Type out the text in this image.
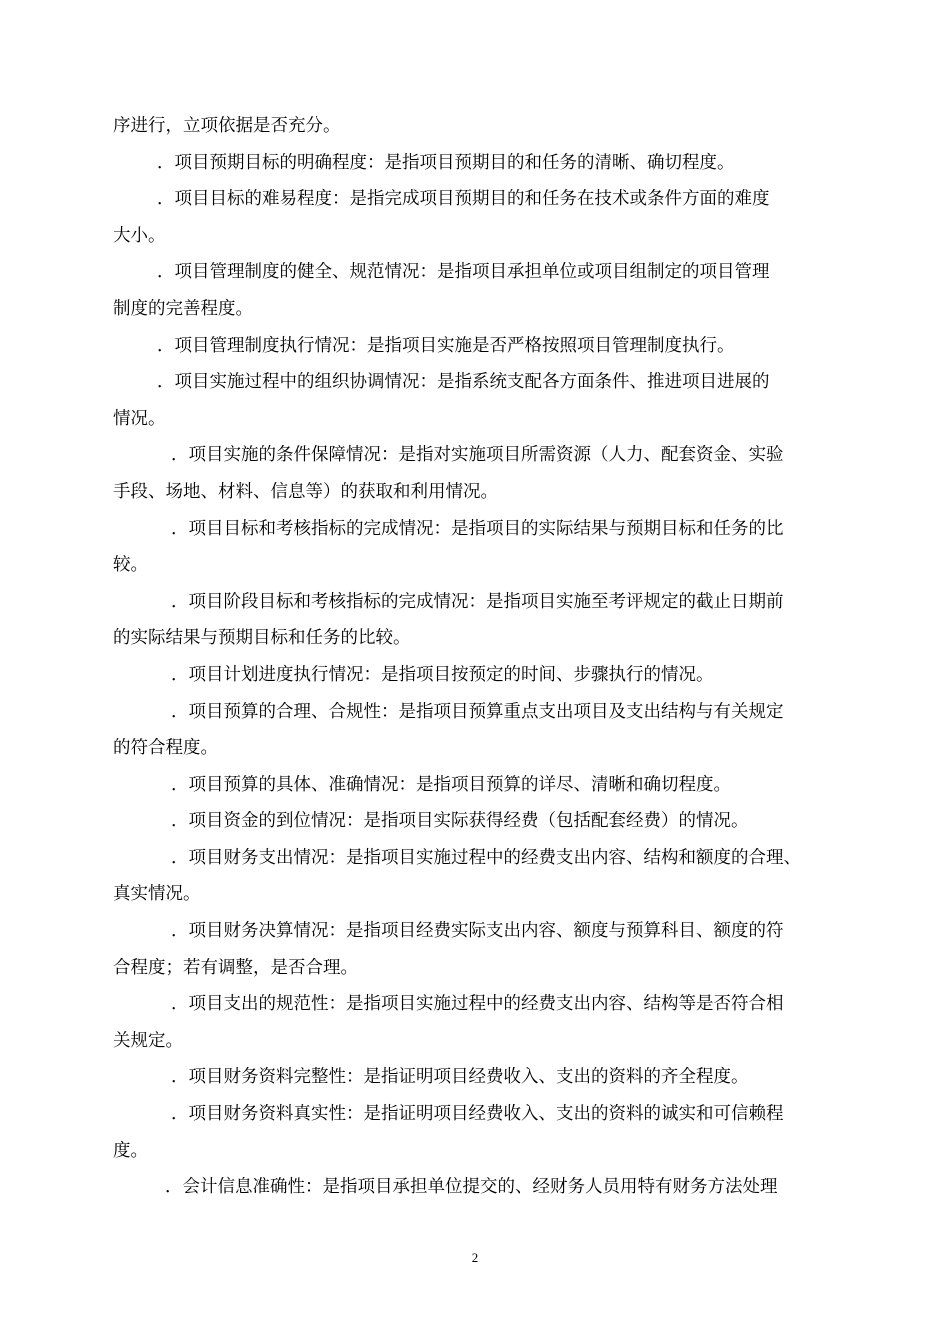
序进行，立项依据是否充分。
．项目预期目标的明确程度：是指项目预期目的和任务的清晰、确切程度。
．项目目标的难易程度：是指完成项目预期目的和任务在技术或条件方面的难度
大小。
．项目管理制度的健全、规范情况：是指项目承担单位或项目组制定的项目管理
制度的完善程度。
．项目管理制度执行情况：是指项目实施是否严格按照项目管理制度执行。
．项目实施过程中的组织协调情况：是指系统支配各方面条件、推进项目进展的
情况。
．项目实施的条件保障情况：是指对实施项目所需资源（人力、配套资金、实验
手段、场地、材料、信息等）的获取和利用情况。
．项目目标和考核指标的完成情况：是指项目的实际结果与预期目标和任务的比
较。
．项目阶段目标和考核指标的完成情况：是指项目实施至考评规定的截止日期前
的实际结果与预期目标和任务的比较。
．项目计划进度执行情况：是指项目按预定的时间、步骤执行的情况。
．项目预算的合理、合规性：是指项目预算重点支出项目及支出结构与有关规定
的符合程度。
．项目预算的具体、准确情况：是指项目预算的详尽、清晰和确切程度。
．项目资金的到位情况：是指项目实际获得经费（包括配套经费）的情况。
．项目财务支出情况：是指项目实施过程中的经费支出内容、结构和额度的合理、
真实情况。
．项目财务决算情况：是指项目经费实际支出内容、额度与预算科目、额度的符
合程度；若有调整，是否合理。
．项目支出的规范性：是指项目实施过程中的经费支出内容、结构等是否符合相
关规定。
．项目财务资料完整性：是指证明项目经费收入、支出的资料的齐全程度。
．项目财务资料真实性：是指证明项目经费收入、支出的资料的诚实和可信赖程
度。
．会计信息准确性：是指项目承担单位提交的、经财务人员用特有财务方法处理
2
